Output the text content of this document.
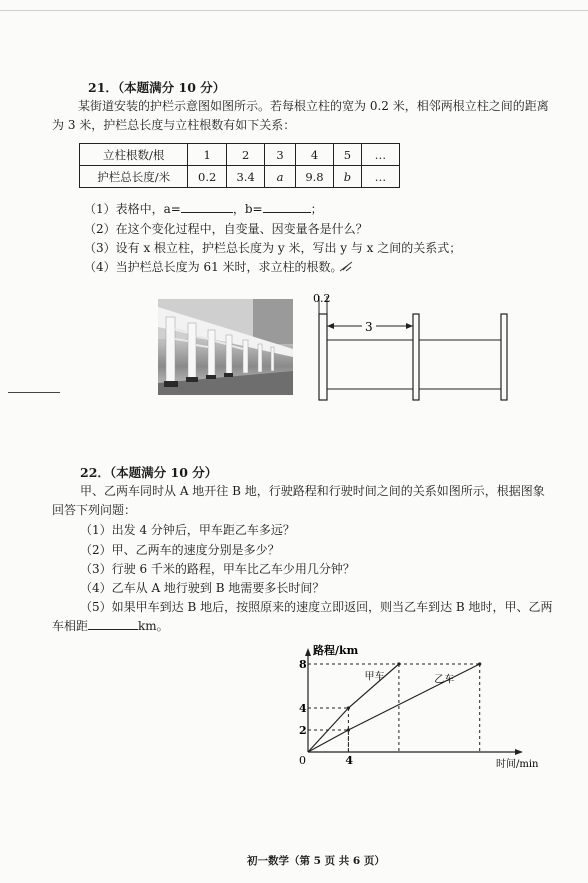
21．（本题满分 10 分）
某街道安装的护栏示意图如图所示。若每根立柱的宽为 0.2 米，相邻两根立柱之间的距离
为 3 米，护栏总长度与立柱根数有如下关系：
立柱根数/根	1	2	3	4	5	…
护栏总长度/米	0.2	3.4	a	9.8	b	…
（1）表格中，a=	，b=	；
（2）在这个变化过程中，自变量、因变量各是什么？
（3）设有 x 根立柱，护栏总长度为 y 米，写出 y 与 x 之间的关系式；
（4）当护栏总长度为 61 米时，求立柱的根数。
0.2
3
22．（本题满分 10 分）
甲、乙两车同时从 A 地开往 B 地，行驶路程和行驶时间之间的关系如图所示，根据图象
回答下列问题：
（1）出发 4 分钟后，甲车距乙车多远？
（2）甲、乙两车的速度分别是多少？
（3）行驶 6 千米的路程，甲车比乙车少用几分钟？
（4）乙车从 A 地行驶到 B 地需要多长时间？
（5）如果甲车到达 B 地后，按照原来的速度立即返回，则当乙车到达 B 地时，甲、乙两
车相距	km。
路程/km
时间/min
0
甲车	乙车
2
4
8
4
初一数学（第 5 页 共 6 页）
